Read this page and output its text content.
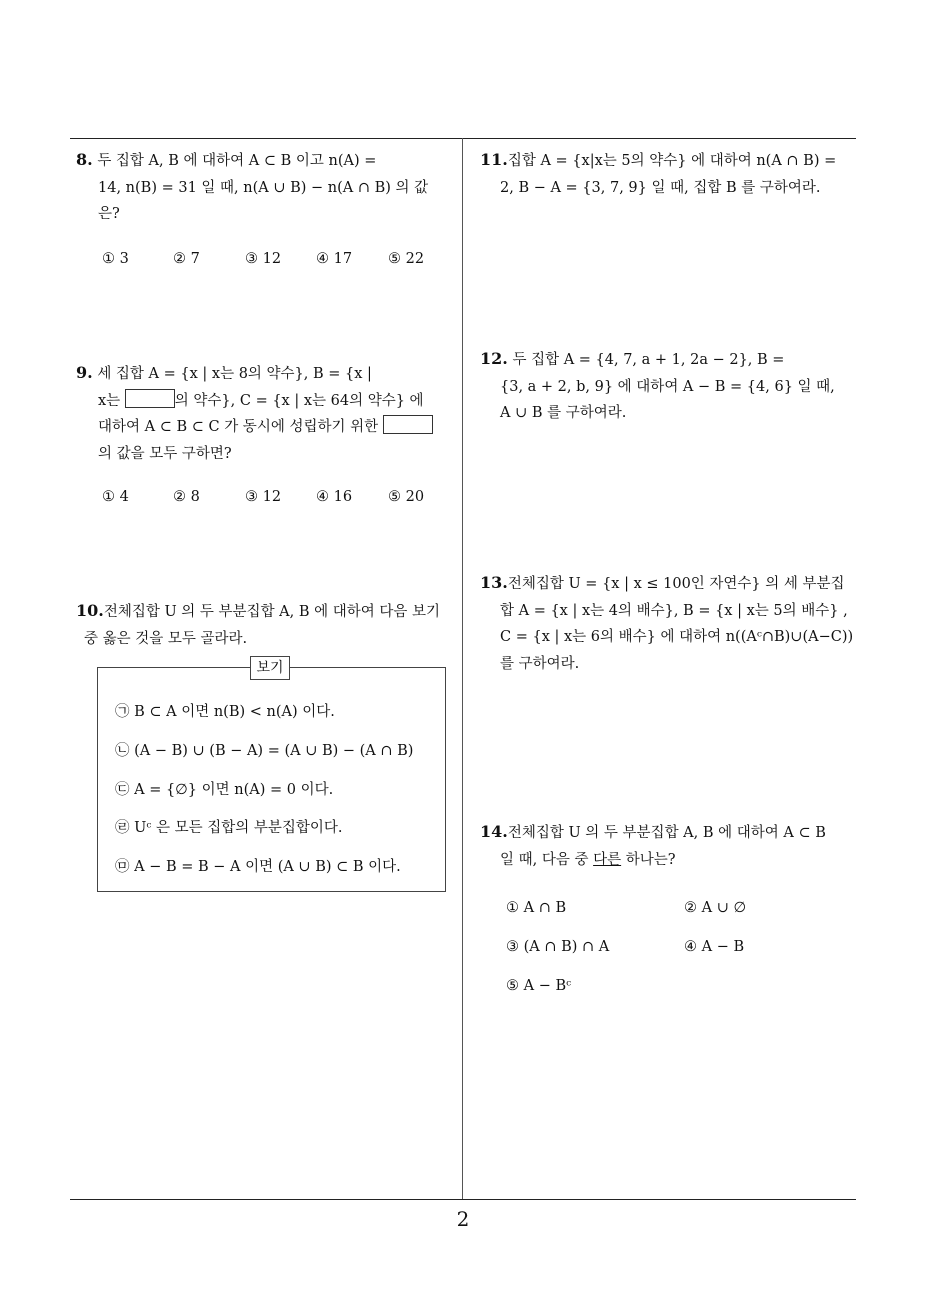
8. 두 집합 A, B 에 대하여 A ⊂ B 이고 n(A) =
14, n(B) = 31 일 때, n(A ∪ B) − n(A ∩ B) 의 값
은?
① 3	② 7	③ 12 ④ 17 ⑤ 22
9. 세 집합 A = {x | x는 8의 약수}, B = {x |
x는	의 약수}, C = {x | x는 64의 약수} 에
대하여 A ⊂ B ⊂ C 가 동시에 성립하기 위한
의 값을 모두 구하면?
① 4	② 8	③ 12 ④ 16 ⑤ 20
10.전체집합 U 의 두 부분집합 A, B 에 대하여 다음 보기
중 옳은 것을 모두 골라라.
보기
㉠ B ⊂ A 이면 n(B) < n(A) 이다.
㉡ (A − B) ∪ (B − A) = (A ∪ B) − (A ∩ B)
㉢ A = {∅} 이면 n(A) = 0 이다.
㉣ Uᶜ 은 모든 집합의 부분집합이다.
㉤ A − B = B − A 이면 (A ∪ B) ⊂ B 이다.
11.집합 A = {x|x는 5의 약수} 에 대하여 n(A ∩ B) =
2, B − A = {3, 7, 9} 일 때, 집합 B 를 구하여라.
12. 두 집합 A = {4, 7, a + 1, 2a − 2}, B =
{3, a + 2, b, 9} 에 대하여 A − B = {4, 6} 일 때,
A ∪ B 를 구하여라.
13.전체집합 U = {x | x ≤ 100인 자연수} 의 세 부분집
합 A = {x | x는 4의 배수}, B = {x | x는 5의 배수} ,
C = {x | x는 6의 배수} 에 대하여 n((Aᶜ∩B)∪(A−C))
를 구하여라.
14.전체집합 U 의 두 부분집합 A, B 에 대하여 A ⊂ B
일 때, 다음 중 다른 하나는?
① A ∩ B	② A ∪ ∅
③ (A ∩ B) ∩ A	④ A − B
⑤ A − Bᶜ
2
